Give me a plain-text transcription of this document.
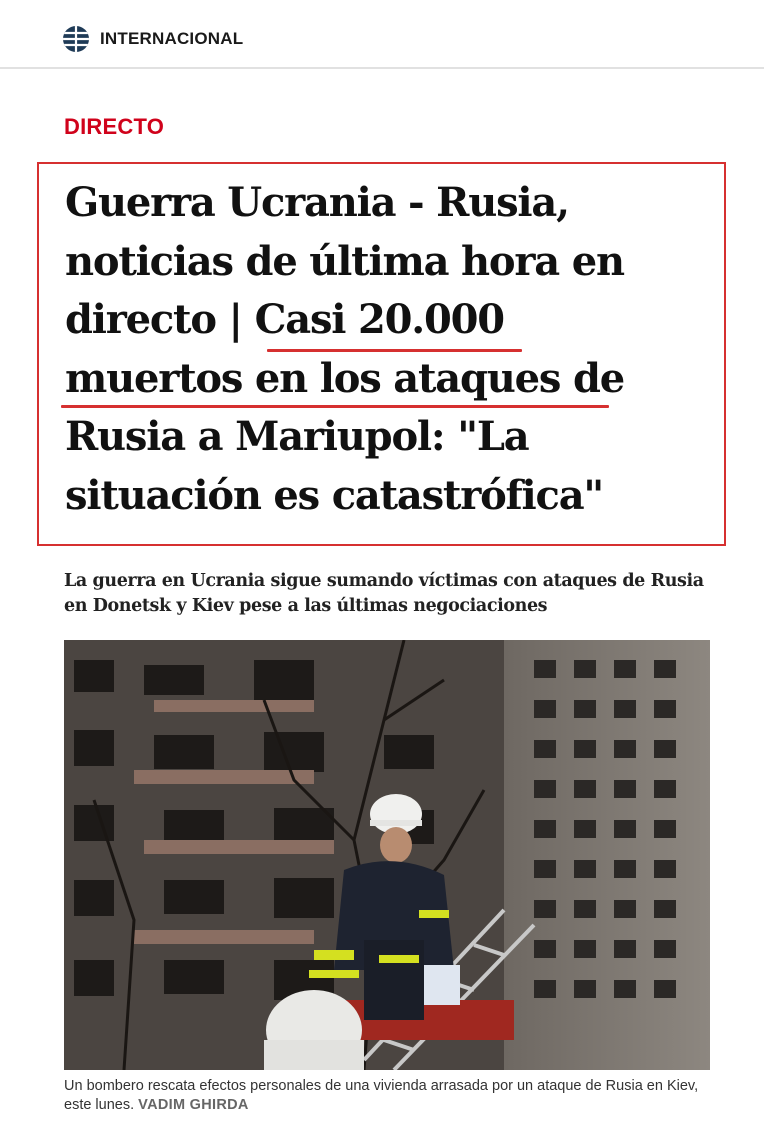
INTERNACIONAL
DIRECTO
Guerra Ucrania - Rusia,
noticias de última hora en
directo | Casi 20.000
muertos en los ataques de
Rusia a Mariupol: "La
situación es catastrófica"

La guerra en Ucrania sigue sumando víctimas con ataques de Rusia en Donetsk y Kiev pese a las últimas negociaciones

Un bombero rescata efectos personales de una vivienda arrasada por un ataque de Rusia en Kiev, este lunes. VADIM GHIRDA
